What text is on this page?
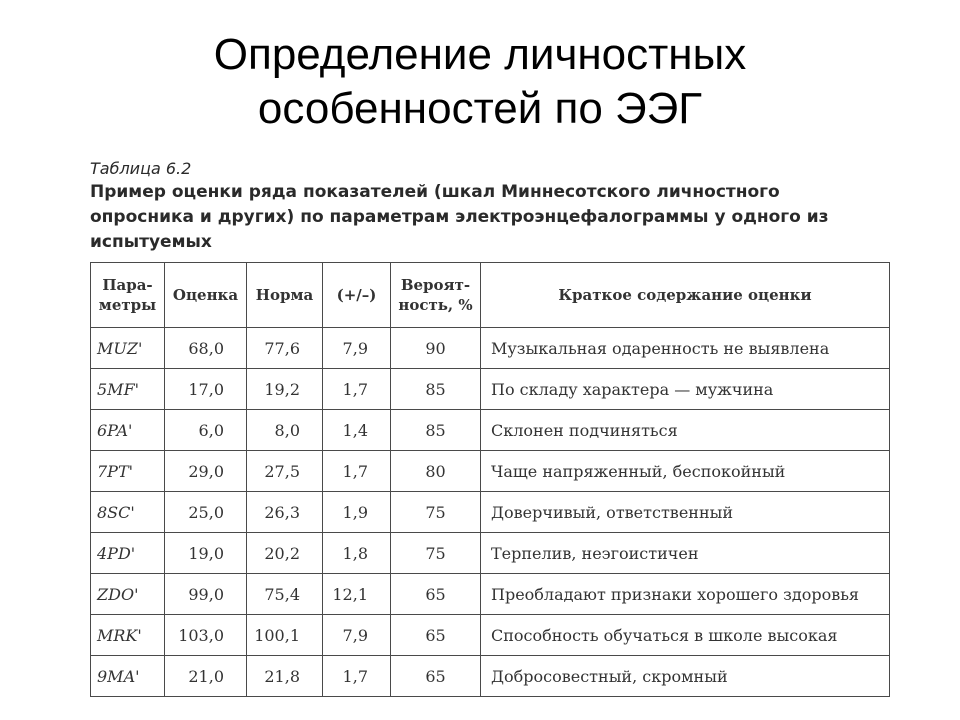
Определение личностных
особенностей по ЭЭГ
Таблица 6.2
Пример оценки ряда показателей (шкал Миннесотского личностного опросника и других) по параметрам электроэнцефалограммы у одного из испытуемых
Пара-метры	Оценка	Норма	(+/–)	Вероят-ность, %	Краткое содержание оценки
MUZ'	68,0	77,6	7,9	90	Музыкальная одаренность не выявлена
5MF'	17,0	19,2	1,7	85	По складу характера — мужчина
6PA'	6,0	8,0	1,4	85	Склонен подчиняться
7PT'	29,0	27,5	1,7	80	Чаще напряженный, беспокойный
8SC'	25,0	26,3	1,9	75	Доверчивый, ответственный
4PD'	19,0	20,2	1,8	75	Терпелив, неэгоистичен
ZDO'	99,0	75,4	12,1	65	Преобладают признаки хорошего здоровья
MRK'	103,0	100,1	7,9	65	Способность обучаться в школе высокая
9MA'	21,0	21,8	1,7	65	Добросовестный, скромный
